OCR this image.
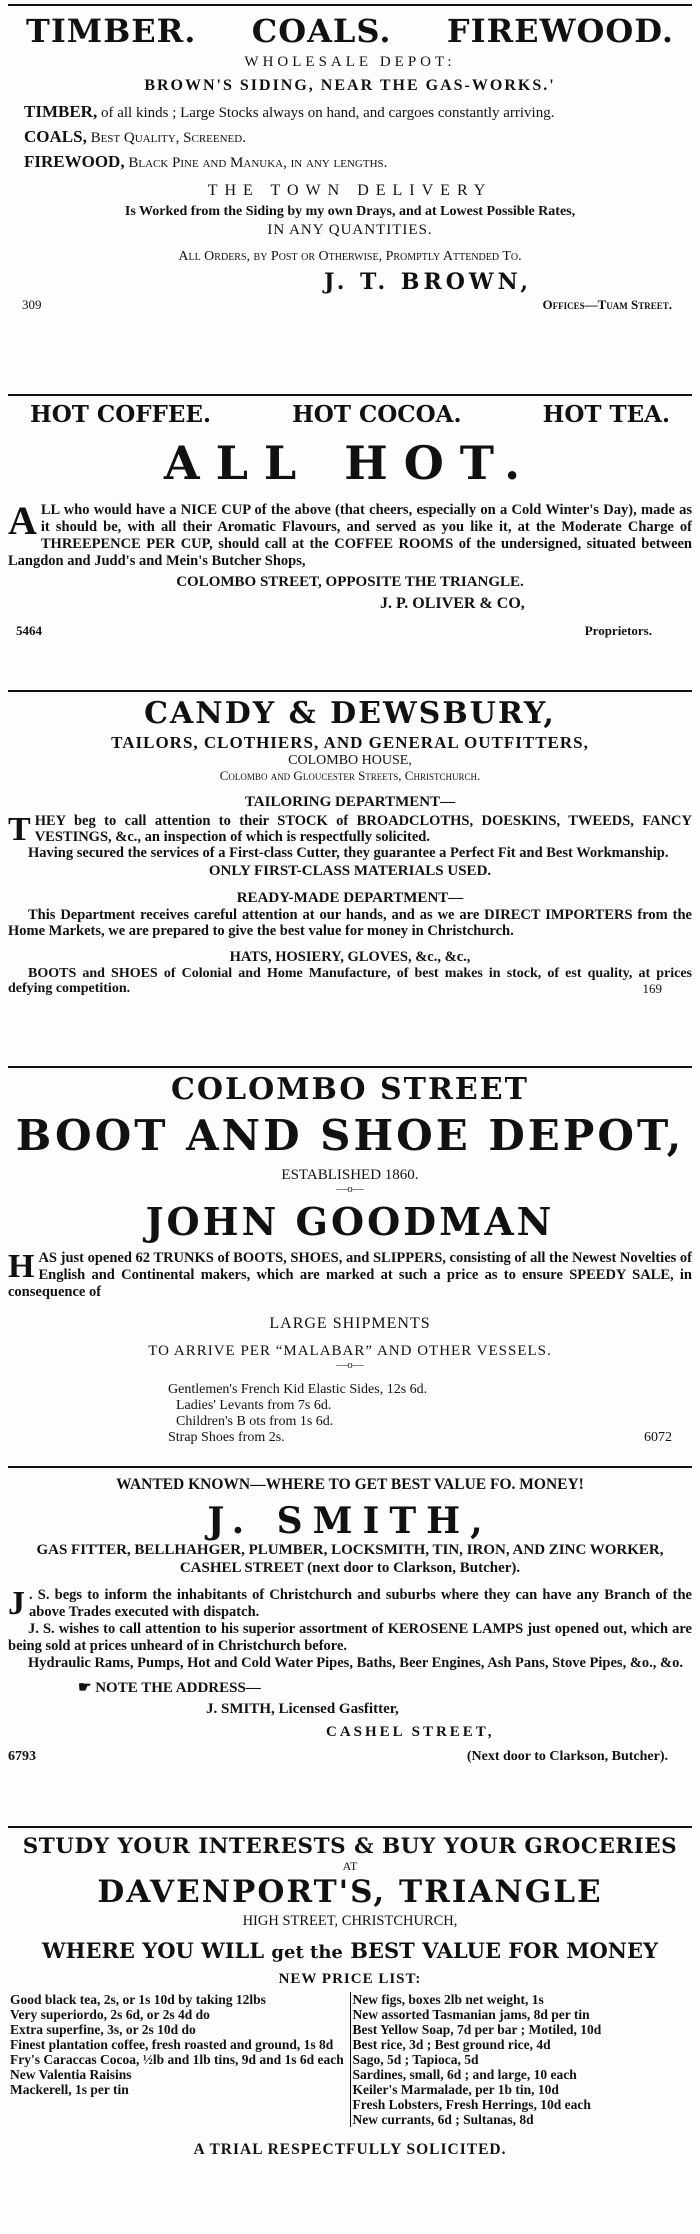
TIMBER. COALS. FIREWOOD.

WHOLESALE DEPOT:

BROWN'S SIDING, NEAR THE GAS-WORKS.'

TIMBER, of all kinds ; Large Stocks always on hand, and cargoes constantly arriving.

COALS, Best Quality, Screened.

FIREWOOD, Black Pine and Manuka, in any lengths.

THE TOWN DELIVERY

Is Worked from the Siding by my own Drays, and at Lowest Possible Rates,

IN ANY QUANTITIES.

All Orders, by Post or Otherwise, Promptly Attended To.

J. T. BROWN,

309	Offices—Tuam Street.
HOT COFFEE.	HOT COCOA.	HOT TEA.

ALL HOT.

ALL who would have a NICE CUP of the above (that cheers, especially on a Cold Winter's Day), made as it should be, with all their Aromatic Flavours, and served as you like it, at the Moderate Charge of THREEPENCE PER CUP, should call at the COFFEE ROOMS of the undersigned, situated between Langdon and Judd's and Mein's Butcher Shops,

COLOMBO STREET, OPPOSITE THE TRIANGLE.

J. P. OLIVER & CO,

5464	Proprietors.

CANDY & DEWSBURY,

TAILORS, CLOTHIERS, AND GENERAL OUTFITTERS,

COLOMBO HOUSE,

Colombo and Gloucester Streets, Christchurch.

TAILORING DEPARTMENT—

THEY beg to call attention to their STOCK of BROADCLOTHS, DOESKINS, TWEEDS, FANCY VESTINGS, &c., an inspection of which is respectfully solicited.

Having secured the services of a First-class Cutter, they guarantee a Perfect Fit and Best Workmanship.

ONLY FIRST-CLASS MATERIALS USED.

READY-MADE DEPARTMENT—

This Department receives careful attention at our hands, and as we are DIRECT IMPORTERS from the Home Markets, we are prepared to give the best value for money in Christchurch.

HATS, HOSIERY, GLOVES, &c., &c.,

BOOTS and SHOES of Colonial and Home Manufacture, of best makes in stock, of est quality, at prices defying competition.	169

COLOMBO STREET

BOOT AND SHOE DEPOT,

ESTABLISHED 1860.

—o—

JOHN GOODMAN

HAS just opened 62 TRUNKS of BOOTS, SHOES, and SLIPPERS, consisting of all the Newest Novelties of English and Continental makers, which are marked at such a price as to ensure SPEEDY SALE, in consequence of

LARGE SHIPMENTS

TO ARRIVE PER “MALABAR” AND OTHER VESSELS.

—o—

Gentlemen's French Kid Elastic Sides, 12s 6d.

Ladies' Levants from 7s 6d.

Children's B ots from 1s 6d.

Strap Shoes from 2s.	6072

WANTED KNOWN—WHERE TO GET BEST VALUE FO. MONEY!

J. SMITH,

GAS FITTER, BELLHAHGER, PLUMBER, LOCKSMITH, TIN, IRON, AND ZINC WORKER,

CASHEL STREET (next door to Clarkson, Butcher).

J . S. begs to inform the inhabitants of Christchurch and suburbs where they can have any Branch of the above Trades executed with dispatch.

J. S. wishes to call attention to his superior assortment of KEROSENE LAMPS just opened out, which are being sold at prices unheard of in Christchurch before.

Hydraulic Rams, Pumps, Hot and Cold Water Pipes, Baths, Beer Engines, Ash Pans, Stove Pipes, &o., &o.

☛ NOTE THE ADDRESS—

J. SMITH, Licensed Gasfitter,

CASHEL STREET,

6793	(Next door to Clarkson, Butcher).

STUDY YOUR INTERESTS & BUY YOUR GROCERIES

AT

DAVENPORT'S, TRIANGLE

HIGH STREET, CHRISTCHURCH,

WHERE YOU WILL get the BEST VALUE FOR MONEY

NEW PRICE LIST:

Good black tea, 2s, or 1s 10d by taking 12lbs
Very superiordo, 2s 6d, or 2s 4d do
Extra superfine, 3s, or 2s 10d do
Finest plantation coffee, fresh roasted and ground, 1s 8d
Fry's Caraccas Cocoa, ½lb and 1lb tins, 9d and 1s 6d each
New Valentia Raisins
Mackerell, 1s per tin

New figs, boxes 2lb net weight, 1s
New assorted Tasmanian jams, 8d per tin
Best Yellow Soap, 7d per bar ; Motiled, 10d
Best rice, 3d ; Best ground rice, 4d
Sago, 5d ; Tapioca, 5d
Sardines, small, 6d ; and large, 10 each
Keiler's Marmalade, per 1b tin, 10d
Fresh Lobsters, Fresh Herrings, 10d each
New currants, 6d ; Sultanas, 8d

A TRIAL RESPECTFULLY SOLICITED.
